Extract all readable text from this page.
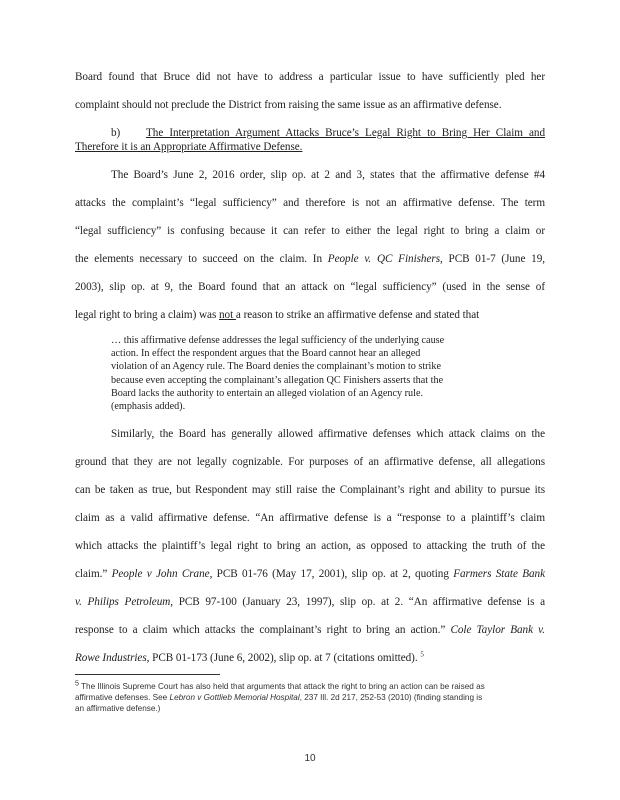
Board found that Bruce did not have to address a particular issue to have sufficiently pled her
complaint should not preclude the District from raising the same issue as an affirmative defense.
b)	The Interpretation Argument Attacks Bruce’s Legal Right to Bring Her Claim and
Therefore it is an Appropriate Affirmative Defense.
The Board’s June 2, 2016 order, slip op. at 2 and 3, states that the affirmative defense #4
attacks the complaint’s “legal sufficiency” and therefore is not an affirmative defense. The term
“legal sufficiency” is confusing because it can refer to either the legal right to bring a claim or
the elements necessary to succeed on the claim. In People v. QC Finishers, PCB 01-7 (June 19,
2003), slip op. at 9, the Board found that an attack on “legal sufficiency” (used in the sense of
legal right to bring a claim) was not a reason to strike an affirmative defense and stated that
… this affirmative defense addresses the legal sufficiency of the underlying cause
action. In effect the respondent argues that the Board cannot hear an alleged
violation of an Agency rule. The Board denies the complainant’s motion to strike
because even accepting the complainant’s allegation QC Finishers asserts that the
Board lacks the authority to entertain an alleged violation of an Agency rule.
(emphasis added).
Similarly, the Board has generally allowed affirmative defenses which attack claims on the
ground that they are not legally cognizable. For purposes of an affirmative defense, all allegations
can be taken as true, but Respondent may still raise the Complainant’s right and ability to pursue its
claim as a valid affirmative defense. “An affirmative defense is a “response to a plaintiff’s claim
which attacks the plaintiff’s legal right to bring an action, as opposed to attacking the truth of the
claim.” People v John Crane, PCB 01-76 (May 17, 2001), slip op. at 2, quoting Farmers State Bank
v. Philips Petroleum, PCB 97-100 (January 23, 1997), slip op. at 2. “An affirmative defense is a
response to a claim which attacks the complainant’s right to bring an action.” Cole Taylor Bank v.
Rowe Industries, PCB 01-173 (June 6, 2002), slip op. at 7 (citations omitted). $^5$
$^5$ The Illinois Supreme Court has also held that arguments that attack the right to bring an action can be raised as
affirmative defenses. See Lebron v Gottlieb Memorial Hospital, 237 Ill. 2d 217, 252-53 (2010) (finding standing is
an affirmative defense.)
10
